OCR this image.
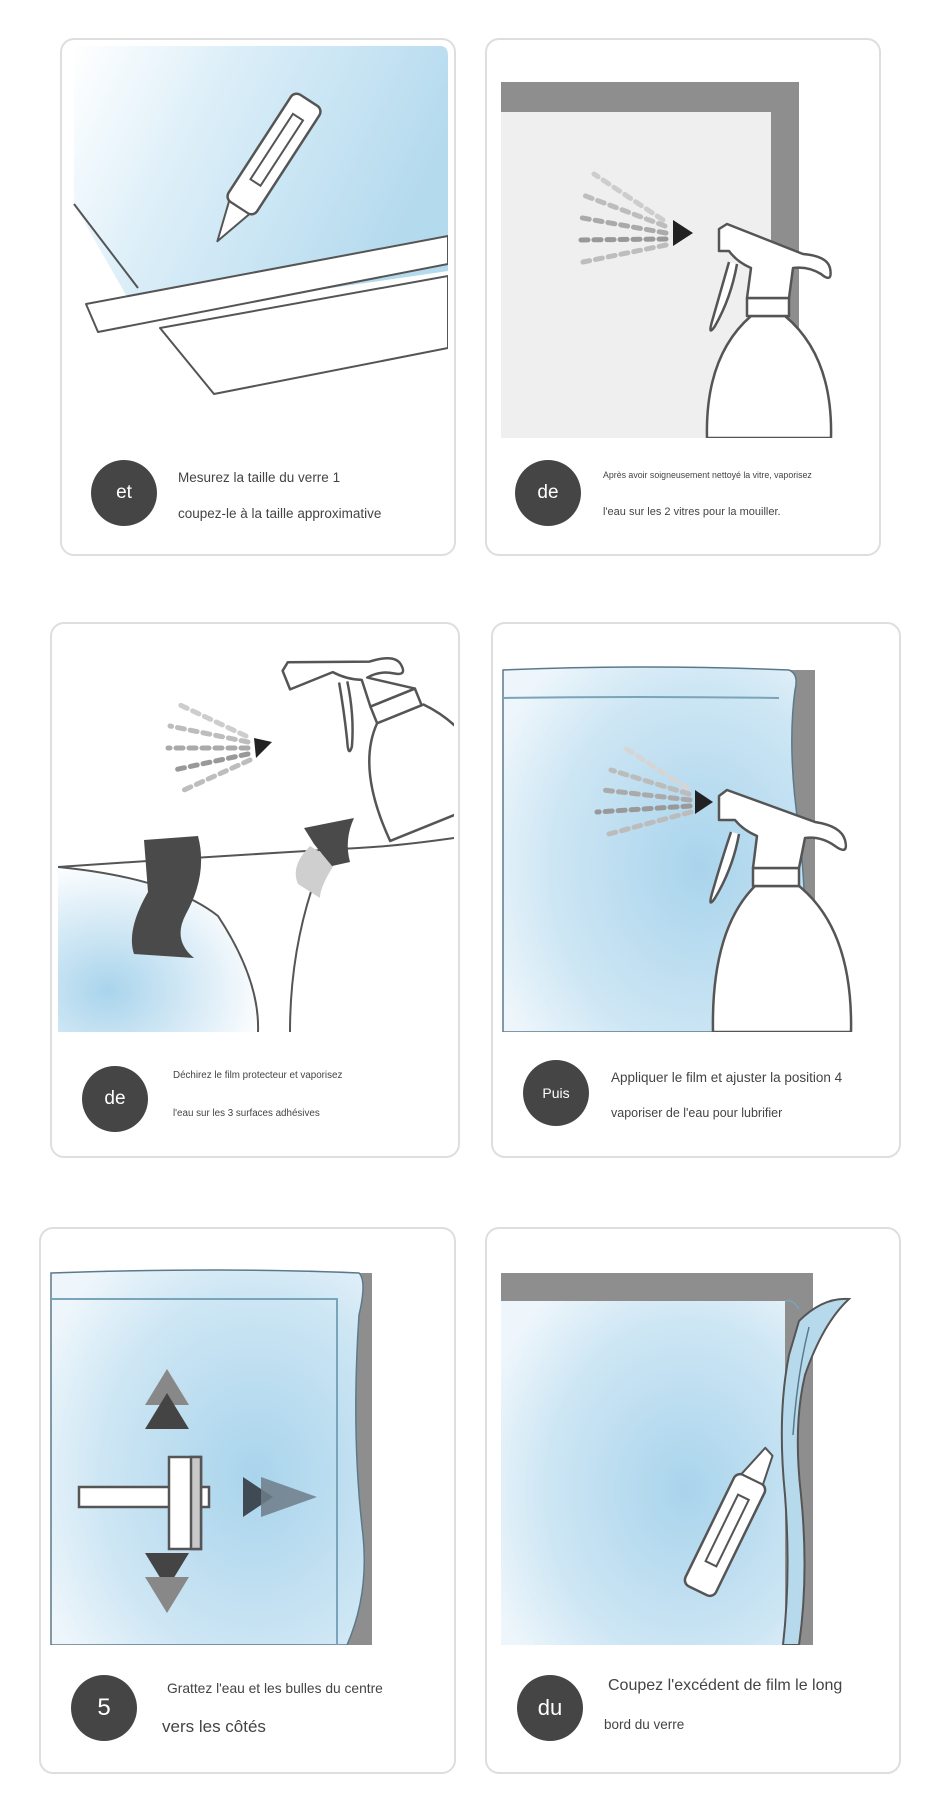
et
Mesurez la taille du verre 1
coupez-le à la taille approximative
de
Après avoir soigneusement nettoyé la vitre, vaporisez
l'eau sur les 2 vitres pour la mouiller.
de
Déchirez le film protecteur et vaporisez
l'eau sur les 3 surfaces adhésives
Puis
Appliquer le film et ajuster la position 4
vaporiser de l'eau pour lubrifier
5
Grattez l'eau et les bulles du centre
vers les côtés
du
Coupez l'excédent de film le long
bord du verre
